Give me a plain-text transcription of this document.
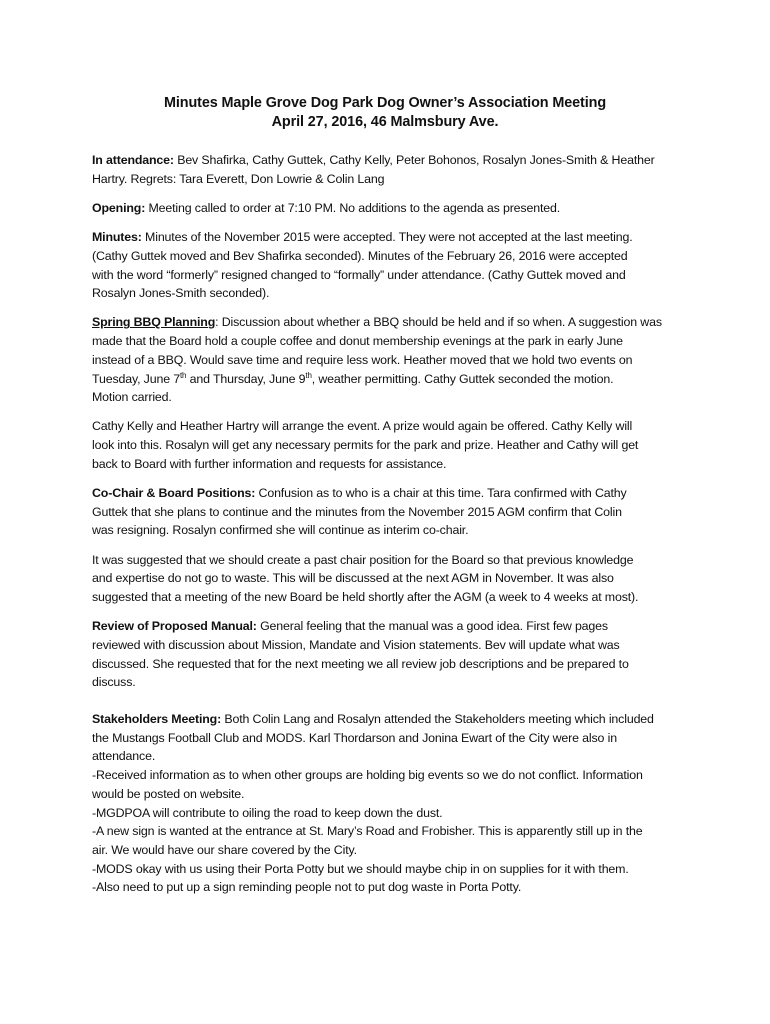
Minutes Maple Grove Dog Park Dog Owner’s Association Meeting
April 27, 2016, 46 Malmsbury Ave.
In attendance: Bev Shafirka, Cathy Guttek, Cathy Kelly, Peter Bohonos, Rosalyn Jones-Smith & Heather
Hartry. Regrets: Tara Everett, Don Lowrie & Colin Lang
Opening: Meeting called to order at 7:10 PM. No additions to the agenda as presented.
Minutes: Minutes of the November 2015 were accepted. They were not accepted at the last meeting.
(Cathy Guttek moved and Bev Shafirka seconded). Minutes of the February 26, 2016 were accepted
with the word “formerly” resigned changed to “formally” under attendance. (Cathy Guttek moved and
Rosalyn Jones-Smith seconded).
Spring BBQ Planning: Discussion about whether a BBQ should be held and if so when. A suggestion was
made that the Board hold a couple coffee and donut membership evenings at the park in early June
instead of a BBQ. Would save time and require less work. Heather moved that we hold two events on
Tuesday, June 7th and Thursday, June 9th, weather permitting. Cathy Guttek seconded the motion.
Motion carried.
Cathy Kelly and Heather Hartry will arrange the event. A prize would again be offered. Cathy Kelly will
look into this. Rosalyn will get any necessary permits for the park and prize. Heather and Cathy will get
back to Board with further information and requests for assistance.
Co-Chair & Board Positions: Confusion as to who is a chair at this time. Tara confirmed with Cathy
Guttek that she plans to continue and the minutes from the November 2015 AGM confirm that Colin
was resigning. Rosalyn confirmed she will continue as interim co-chair.
It was suggested that we should create a past chair position for the Board so that previous knowledge
and expertise do not go to waste. This will be discussed at the next AGM in November. It was also
suggested that a meeting of the new Board be held shortly after the AGM (a week to 4 weeks at most).
Review of Proposed Manual: General feeling that the manual was a good idea. First few pages
reviewed with discussion about Mission, Mandate and Vision statements. Bev will update what was
discussed. She requested that for the next meeting we all review job descriptions and be prepared to
discuss.
Stakeholders Meeting: Both Colin Lang and Rosalyn attended the Stakeholders meeting which included
the Mustangs Football Club and MODS. Karl Thordarson and Jonina Ewart of the City were also in
attendance.
-Received information as to when other groups are holding big events so we do not conflict. Information
would be posted on website.
-MGDPOA will contribute to oiling the road to keep down the dust.
-A new sign is wanted at the entrance at St. Mary’s Road and Frobisher. This is apparently still up in the
air. We would have our share covered by the City.
-MODS okay with us using their Porta Potty but we should maybe chip in on supplies for it with them.
-Also need to put up a sign reminding people not to put dog waste in Porta Potty.
